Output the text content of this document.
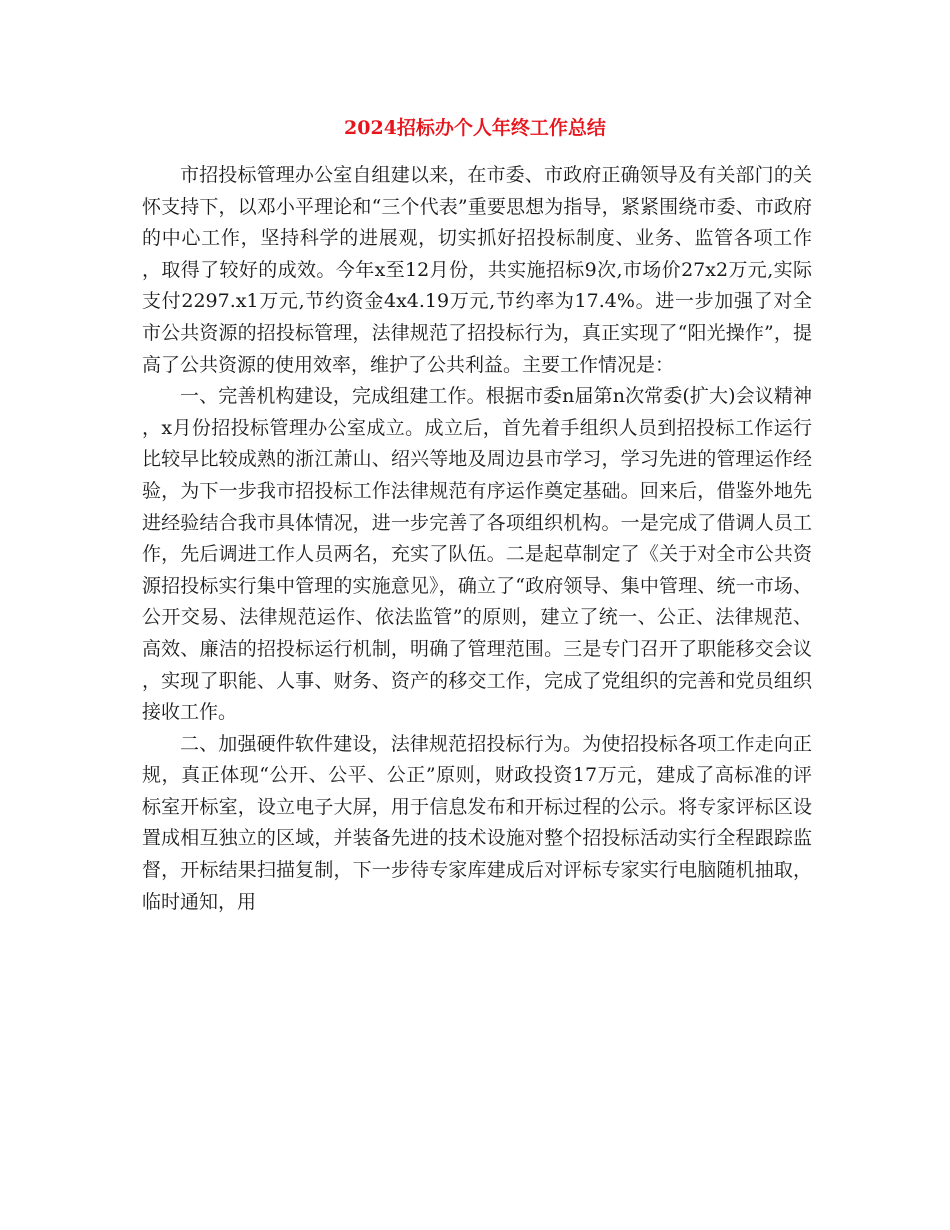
2024招标办个人年终工作总结

市招投标管理办公室自组建以来，在市委、市政府正确领导及有关部门的关怀支持下，以邓小平理论和“三个代表”重要思想为指导，紧紧围绕市委、市政府的中心工作，坚持科学的进展观，切实抓好招投标制度、业务、监管各项工作 ，取得了较好的成效。今年x至12月份，共实施招标9次,市场价27x2万元,实际支付2297.x1万元,节约资金4x4.19万元,节约率为17.4%。进一步加强了对全市公共资源的招投标管理，法律规范了招投标行为，真正实现了“阳光操作”，提高了公共资源的使用效率，维护了公共利益。主要工作情况是：

一、完善机构建设，完成组建工作。根据市委n届第n次常委(扩大)会议精神，x月份招投标管理办公室成立。成立后，首先着手组织人员到招投标工作运行比较早比较成熟的浙江萧山、绍兴等地及周边县市学习，学习先进的管理运作经验，为下一步我市招投标工作法律规范有序运作奠定基础。回来后，借鉴外地先进经验结合我市具体情况，进一步完善了各项组织机构。一是完成了借调人员工作，先后调进工作人员两名，充实了队伍。二是起草制定了《关于对全市公共资源招投标实行集中管理的实施意见》，确立了“政府领导、集中管理、统一市场、公开交易、法律规范运作、依法监管”的原则，建立了统一、公正、法律规范、高效、廉洁的招投标运行机制，明确了管理范围。三是专门召开了职能移交会议，实现了职能、人事、财务、资产的移交工作，完成了党组织的完善和党员组织接收工作。

二、加强硬件软件建设，法律规范招投标行为。为使招投标各项工作走向正规，真正体现“公开、公平、公正”原则，财政投资17万元，建成了高标准的评标室开标室，设立电子大屏，用于信息发布和开标过程的公示。将专家评标区设置成相互独立的区域，并装备先进的技术设施对整个招投标活动实行全程跟踪监督，开标结果扫描复制，下一步待专家库建成后对评标专家实行电脑随机抽取，临时通知，用
